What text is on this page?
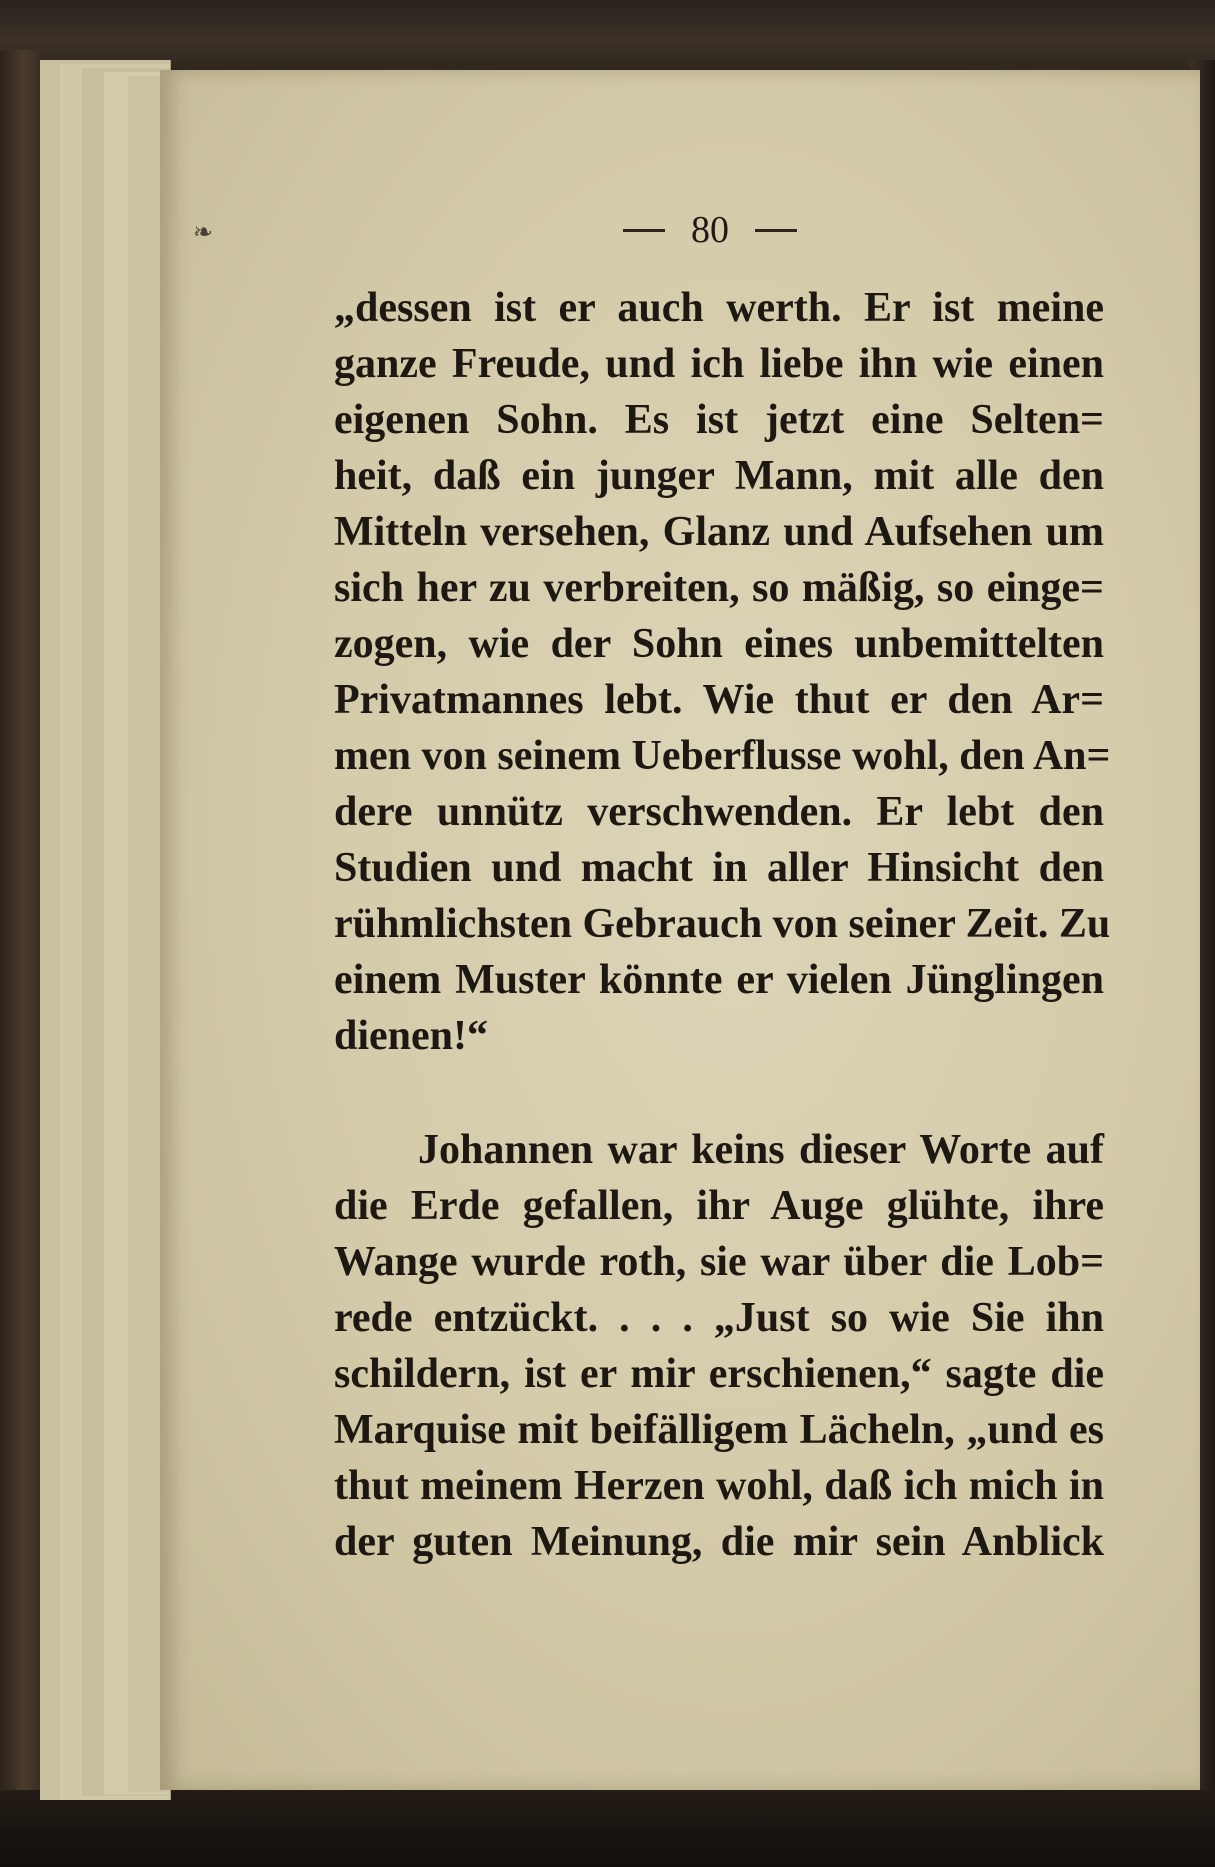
❧	80
„dessen ist er auch werth. Er ist meine
ganze Freude, und ich liebe ihn wie einen
eigenen Sohn. Es ist jetzt eine Selten=
heit, daß ein junger Mann, mit alle den
Mitteln versehen, Glanz und Aufsehen um
sich her zu verbreiten, so mäßig, so einge=
zogen, wie der Sohn eines unbemittelten
Privatmannes lebt. Wie thut er den Ar=
men von seinem Ueberflusse wohl, den An=
dere unnütz verschwenden. Er lebt den
Studien und macht in aller Hinsicht den
rühmlichsten Gebrauch von seiner Zeit. Zu
einem Muster könnte er vielen Jünglingen
dienen!“
Johannen war keins dieser Worte auf
die Erde gefallen, ihr Auge glühte, ihre
Wange wurde roth, sie war über die Lob=
rede entzückt. . . . „Just so wie Sie ihn
schildern, ist er mir erschienen,“ sagte die
Marquise mit beifälligem Lächeln, „und es
thut meinem Herzen wohl, daß ich mich in
der guten Meinung, die mir sein Anblick
